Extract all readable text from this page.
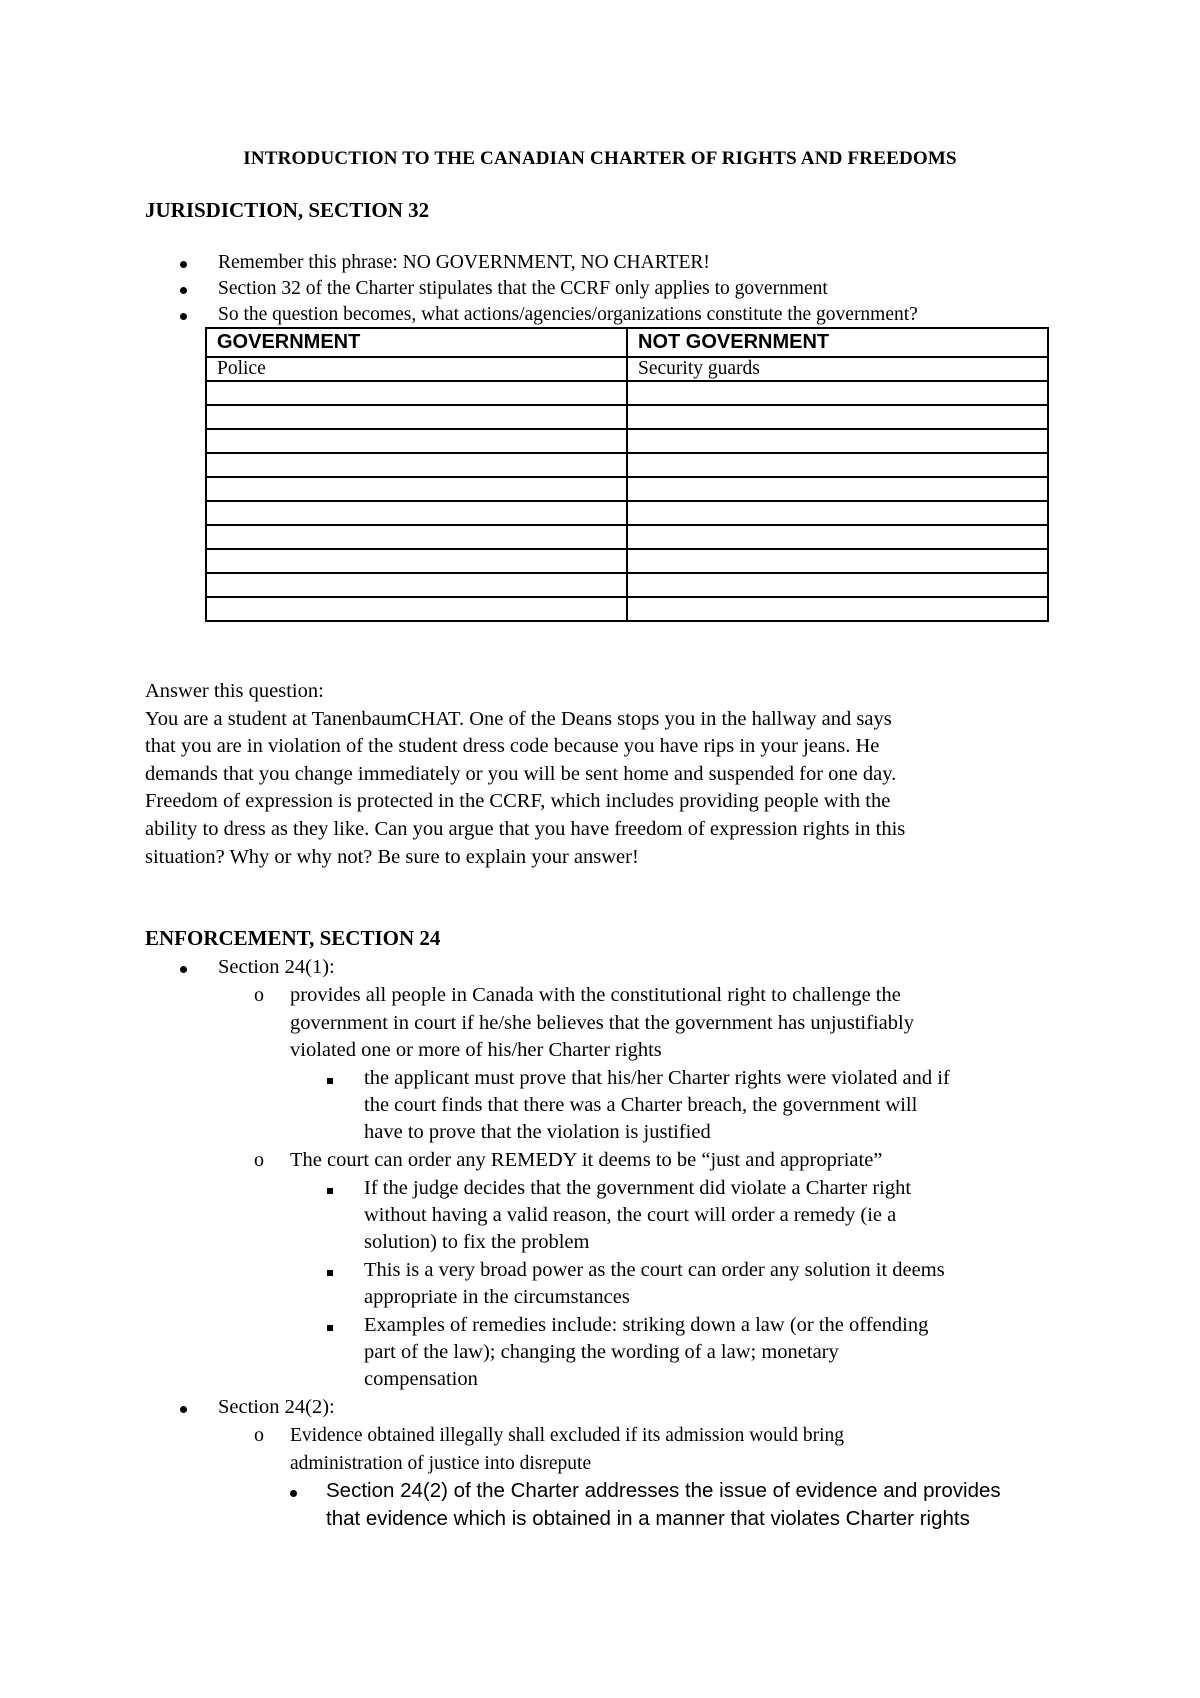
INTRODUCTION TO THE CANADIAN CHARTER OF RIGHTS AND FREEDOMS
JURISDICTION, SECTION 32
Remember this phrase: NO GOVERNMENT, NO CHARTER!
Section 32 of the Charter stipulates that the CCRF only applies to government
So the question becomes, what actions/agencies/organizations constitute the government?
GOVERNMENT	NOT GOVERNMENT
Police	Security guards

Answer this question:

You are a student at TanenbaumCHAT. One of the Deans stops you in the hallway and says

that you are in violation of the student dress code because you have rips in your jeans. He

demands that you change immediately or you will be sent home and suspended for one day.

Freedom of expression is protected in the CCRF, which includes providing people with the

ability to dress as they like. Can you argue that you have freedom of expression rights in this

situation? Why or why not? Be sure to explain your answer!

ENFORCEMENT, SECTION 24
Section 24(1):
o provides all people in Canada with the constitutional right to challenge the
government in court if he/she believes that the government has unjustifiably
violated one or more of his/her Charter rights
the applicant must prove that his/her Charter rights were violated and if
the court finds that there was a Charter breach, the government will
have to prove that the violation is justified
o The court can order any REMEDY it deems to be “just and appropriate”
If the judge decides that the government did violate a Charter right
without having a valid reason, the court will order a remedy (ie a
solution) to fix the problem
This is a very broad power as the court can order any solution it deems
appropriate in the circumstances
Examples of remedies include: striking down a law (or the offending
part of the law); changing the wording of a law; monetary
compensation
Section 24(2):
o Evidence obtained illegally shall excluded if its admission would bring
administration of justice into disrepute
Section 24(2) of the Charter addresses the issue of evidence and provides
that evidence which is obtained in a manner that violates Charter rights
